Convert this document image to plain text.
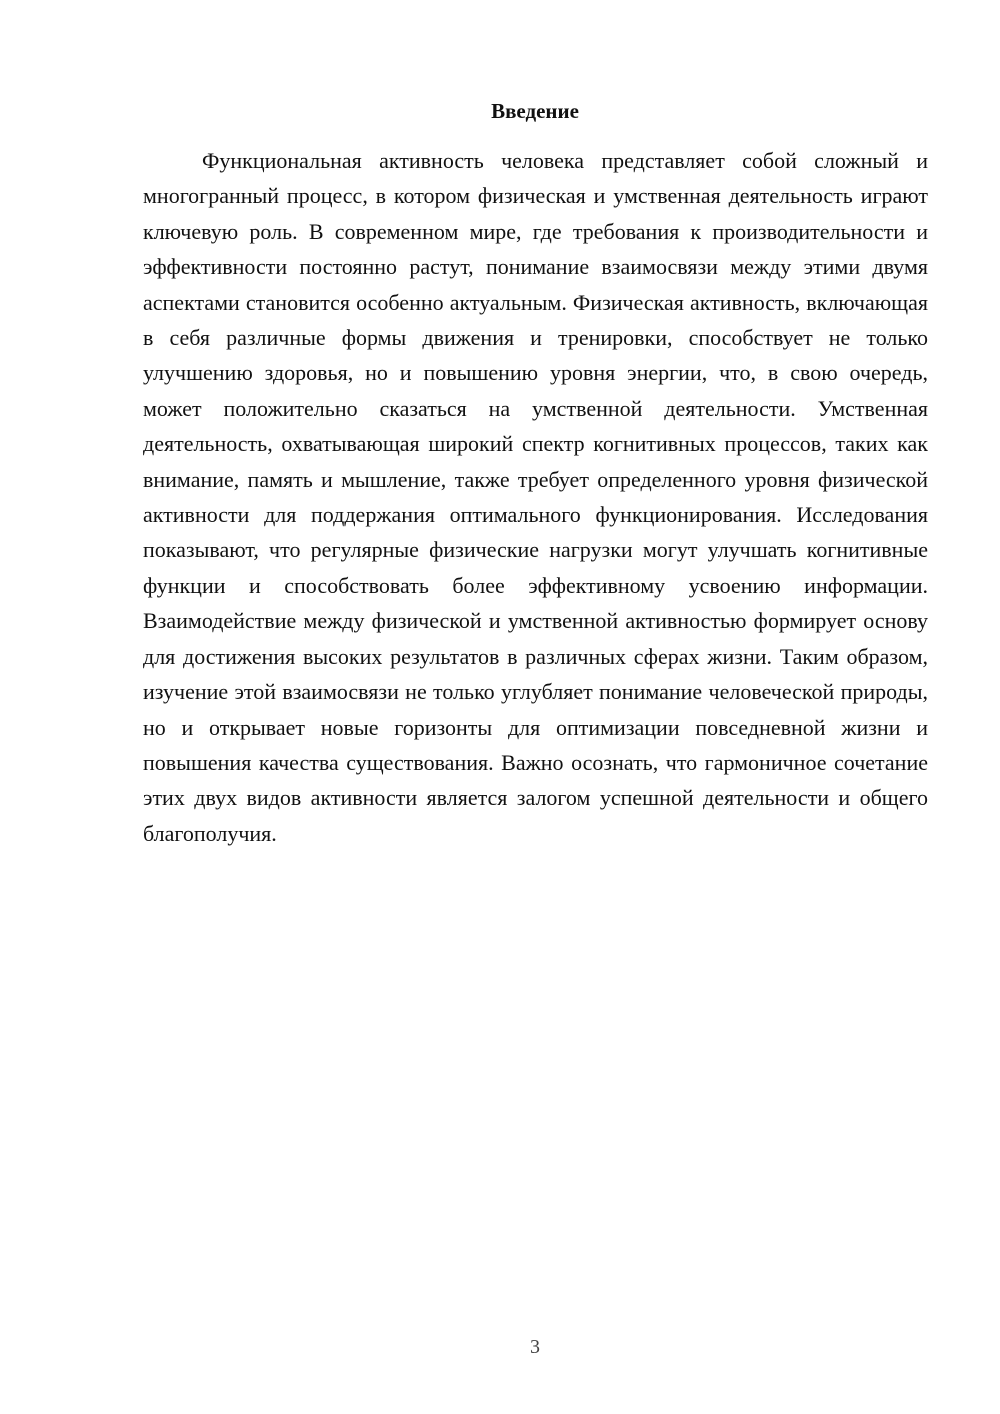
Введение

Функциональная активность человека представляет собой сложный и многогранный процесс, в котором физическая и умственная деятельность играют ключевую роль. В современном мире, где требования к производительности и эффективности постоянно растут, понимание взаимосвязи между этими двумя аспектами становится особенно актуальным. Физическая активность, включающая в себя различные формы движения и тренировки, способствует не только улучшению здоровья, но и повышению уровня энергии, что, в свою очередь, может положительно сказаться на умственной деятельности. Умственная деятельность, охватывающая широкий спектр когнитивных процессов, таких как внимание, память и мышление, также требует определенного уровня физической активности для поддержания оптимального функционирования. Исследования показывают, что регулярные физические нагрузки могут улучшать когнитивные функции и способствовать более эффективному усвоению информации. Взаимодействие между физической и умственной активностью формирует основу для достижения высоких результатов в различных сферах жизни. Таким образом, изучение этой взаимосвязи не только углубляет понимание человеческой природы, но и открывает новые горизонты для оптимизации повседневной жизни и повышения качества существования. Важно осознать, что гармоничное сочетание этих двух видов активности является залогом успешной деятельности и общего благополучия.

3
